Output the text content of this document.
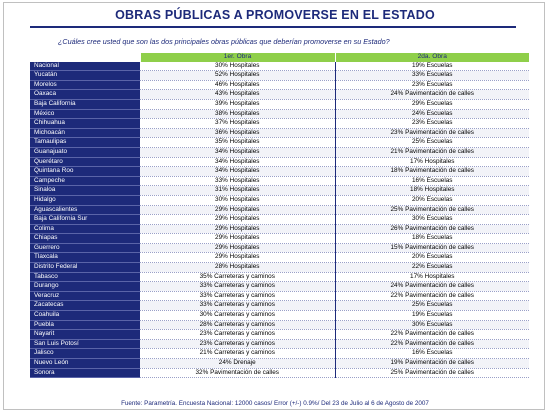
OBRAS PÚBLICAS A PROMOVERSE EN EL ESTADO
¿Cuáles cree usted que son las dos principales obras públicas que deberían promoverse en su Estado?
	1er. Obra	2da. Obra
Nacional	30% Hospitales	19% Escuelas
Yucatán	52% Hospitales	33% Escuelas
Morelos	46% Hospitales	23% Escuelas
Oaxaca	43% Hospitales	24% Pavimentación de calles
Baja California	39% Hospitales	29% Escuelas
México	38% Hospitales	24% Escuelas
Chihuahua	37% Hospitales	23% Escuelas
Michoacán	36% Hospitales	23% Pavimentación de calles
Tamaulipas	35% Hospitales	25% Escuelas
Guanajuato	34% Hospitales	21% Pavimentación de calles
Querétaro	34% Hospitales	17% Hospitales
Quintana Roo	34% Hospitales	18% Pavimentación de calles
Campeche	33% Hospitales	16% Escuelas
Sinaloa	31% Hospitales	18% Hospitales
Hidalgo	30% Hospitales	20% Escuelas
Aguascalientes	29% Hospitales	25% Pavimentación de calles
Baja California Sur	29% Hospitales	30% Escuelas
Colima	29% Hospitales	26% Pavimentación de calles
Chiapas	29% Hospitales	18% Escuelas
Guerrero	29% Hospitales	15% Pavimentación de calles
Tlaxcala	29% Hospitales	20% Escuelas
Distrito Federal	28% Hospitales	22% Escuelas
Tabasco	35% Carreteras y caminos	17% Hospitales
Durango	33% Carreteras y caminos	24% Pavimentación de calles
Veracruz	33% Carreteras y caminos	22% Pavimentación de calles
Zacatecas	33% Carreteras y caminos	25% Escuelas
Coahuila	30% Carreteras y caminos	19% Escuelas
Puebla	28% Carreteras y caminos	30% Escuelas
Nayarit	23% Carreteras y caminos	22% Pavimentación de calles
San Luis Potosí	23% Carreteras y caminos	22% Pavimentación de calles
Jalisco	21% Carreteras y caminos	16% Escuelas
Nuevo León	24% Drenaje	19% Pavimentación de calles
Sonora	32% Pavimentación de calles	25% Pavimentación de calles
Fuente: Parametría. Encuesta Nacional: 12000 casos/ Error (+/-) 0.9%/ Del 23 de Julio al 6 de Agosto de 2007
